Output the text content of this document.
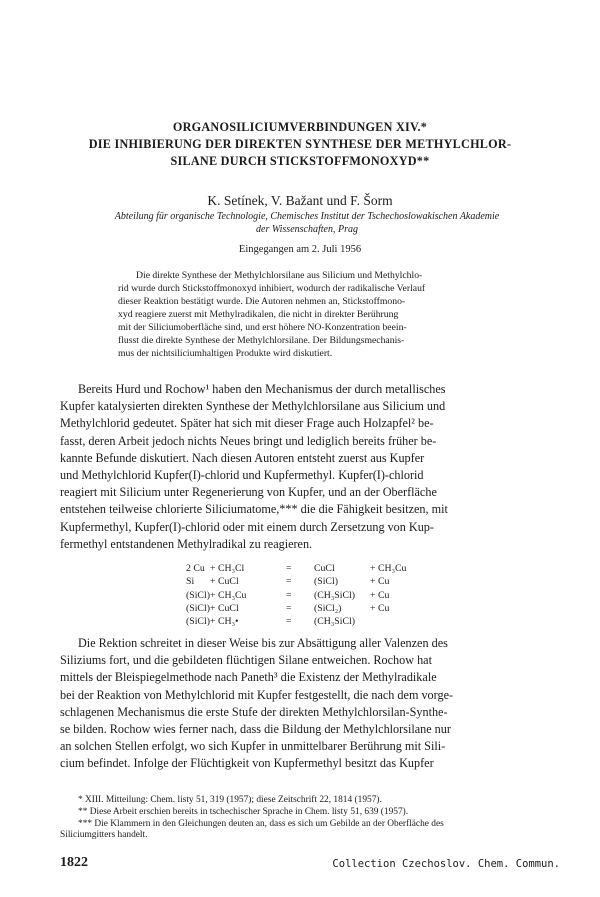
ORGANOSILICIUMVERBINDUNGEN XIV.*
DIE INHIBIERUNG DER DIREKTEN SYNTHESE DER METHYLCHLOR-
SILANE DURCH STICKSTOFFMONOXYD**
K. Setínek, V. Bažant und F. Šorm
Abteilung für organische Technologie, Chemisches Institut der Tschechoslowakischen Akademie
der Wissenschaften, Prag
Eingegangen am 2. Juli 1956
Die direkte Synthese der Methylchlorsilane aus Silicium und Methylchlo-
rid wurde durch Stickstoffmonoxyd inhibiert, wodurch der radikalische Verlauf
dieser Reaktion bestätigt wurde. Die Autoren nehmen an, Stickstoffmono-
xyd reagiere zuerst mit Methylradikalen, die nicht in direkter Berührung
mit der Siliciumoberfläche sind, und erst höhere NO-Konzentration beein-
flusst die direkte Synthese der Methylchlorsilane. Der Bildungsmechanis-
mus der nichtsiliciumhaltigen Produkte wird diskutiert.
Bereits Hurd und Rochow¹ haben den Mechanismus der durch metallisches
Kupfer katalysierten direkten Synthese der Methylchlorsilane aus Silicium und
Methylchlorid gedeutet. Später hat sich mit dieser Frage auch Holzapfel² be-
fasst, deren Arbeit jedoch nichts Neues bringt und lediglich bereits früher be-
kannte Befunde diskutiert. Nach diesen Autoren entsteht zuerst aus Kupfer
und Methylchlorid Kupfer(I)-chlorid und Kupfermethyl. Kupfer(I)-chlorid
reagiert mit Silicium unter Regenerierung von Kupfer, und an der Oberfläche
entstehen teilweise chlorierte Siliciumatome,*** die die Fähigkeit besitzen, mit
Kupfermethyl, Kupfer(I)-chlorid oder mit einem durch Zersetzung von Kup-
fermethyl entstandenen Methylradikal zu reagieren.
2 Cu + CH₃Cl	= CuCl	+ CH₃Cu
Si + CuCl	= (SiCl)	+ Cu
(SiCl) + CH₃Cu	= (CH₃SiCl) + Cu
(SiCl) + CuCl	= (SiCl₂)	+ Cu
(SiCl) + CH₃•	= (CH₃SiCl)
Die Rektion schreitet in dieser Weise bis zur Absättigung aller Valenzen des
Siliziums fort, und die gebildeten flüchtigen Silane entweichen. Rochow hat
mittels der Bleispiegelmethode nach Paneth³ die Existenz der Methylradikale
bei der Reaktion von Methylchlorid mit Kupfer festgestellt, die nach dem vorge-
schlagenen Mechanismus die erste Stufe der direkten Methylchlorsilan-Synthe-
se bilden. Rochow wies ferner nach, dass die Bildung der Methylchlorsilane nur
an solchen Stellen erfolgt, wo sich Kupfer in unmittelbarer Berührung mit Sili-
cium befindet. Infolge der Flüchtigkeit von Kupfermethyl besitzt das Kupfer
* XIII. Mitteilung: Chem. listy 51, 319 (1957); diese Zeitschrift 22, 1814 (1957).
** Diese Arbeit erschien bereits in tschechischer Sprache in Chem. listy 51, 639 (1957).
*** Die Klammern in den Gleichungen deuten an, dass es sich um Gebilde an der Oberfläche des
Siliciumgitters handelt.
1822	Collection Czechoslov. Chem. Commun.
